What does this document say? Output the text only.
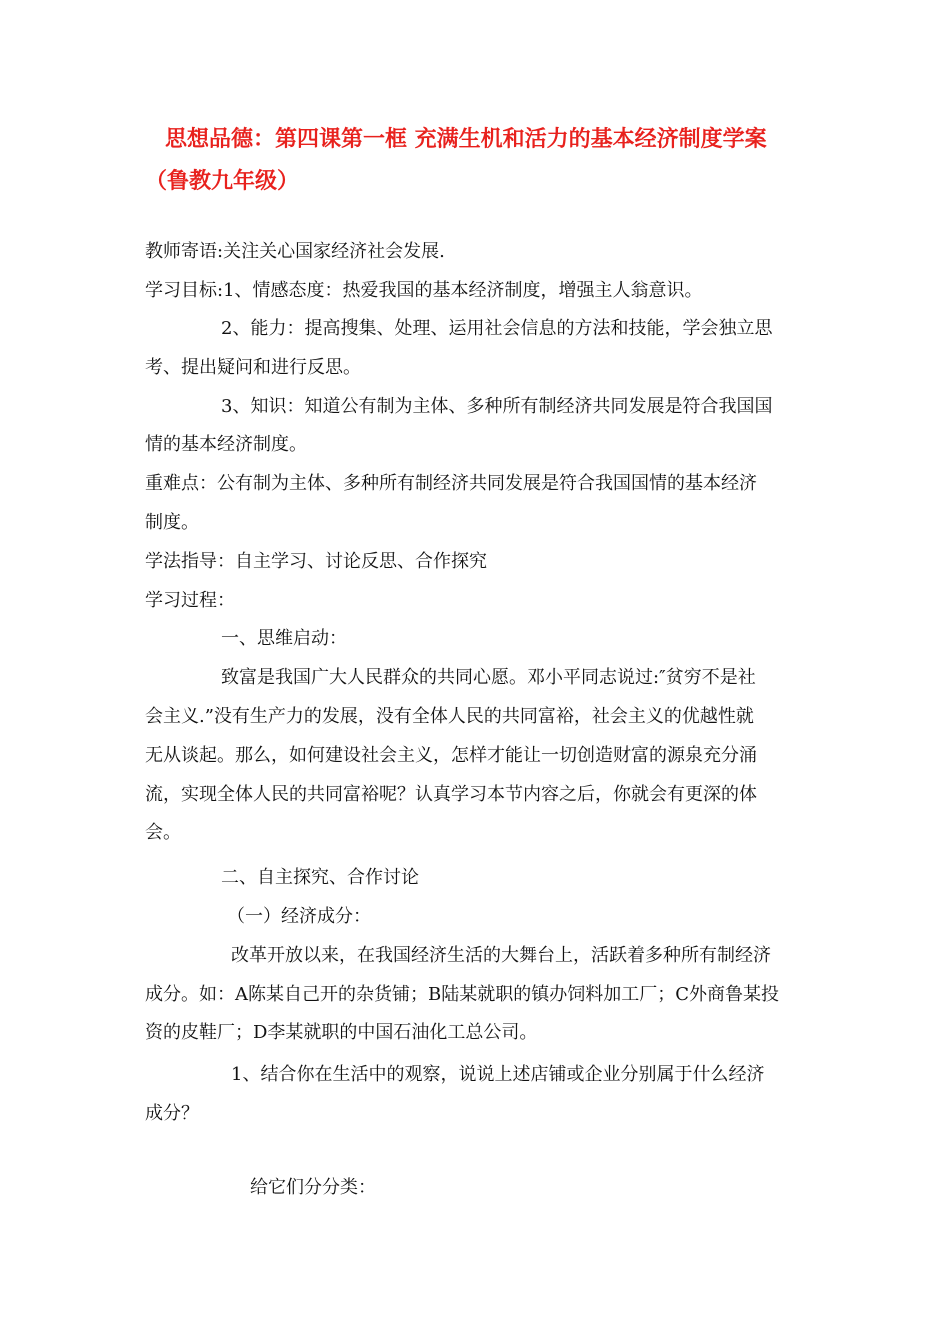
思想品德：第四课第一框 充满生机和活力的基本经济制度学案
（鲁教九年级）
教师寄语:关注关心国家经济社会发展.
学习目标:1、情感态度：热爱我国的基本经济制度，增强主人翁意识。
2、能力：提高搜集、处理、运用社会信息的方法和技能，学会独立思
考、提出疑问和进行反思。
3、知识：知道公有制为主体、多种所有制经济共同发展是符合我国国
情的基本经济制度。
重难点：公有制为主体、多种所有制经济共同发展是符合我国国情的基本经济
制度。
学法指导：自主学习、讨论反思、合作探究
学习过程：
一、思维启动：
致富是我国广大人民群众的共同心愿。邓小平同志说过:″贫穷不是社
会主义.”没有生产力的发展，没有全体人民的共同富裕，社会主义的优越性就
无从谈起。那么，如何建设社会主义，怎样才能让一切创造财富的源泉充分涌
流，实现全体人民的共同富裕呢？认真学习本节内容之后，你就会有更深的体
会。
二、自主探究、合作讨论
（一）经济成分：
改革开放以来，在我国经济生活的大舞台上，活跃着多种所有制经济
成分。如：A陈某自己开的杂货铺；B陆某就职的镇办饲料加工厂；C外商鲁某投
资的皮鞋厂；D李某就职的中国石油化工总公司。
1、结合你在生活中的观察，说说上述店铺或企业分别属于什么经济
成分？
给它们分分类：
